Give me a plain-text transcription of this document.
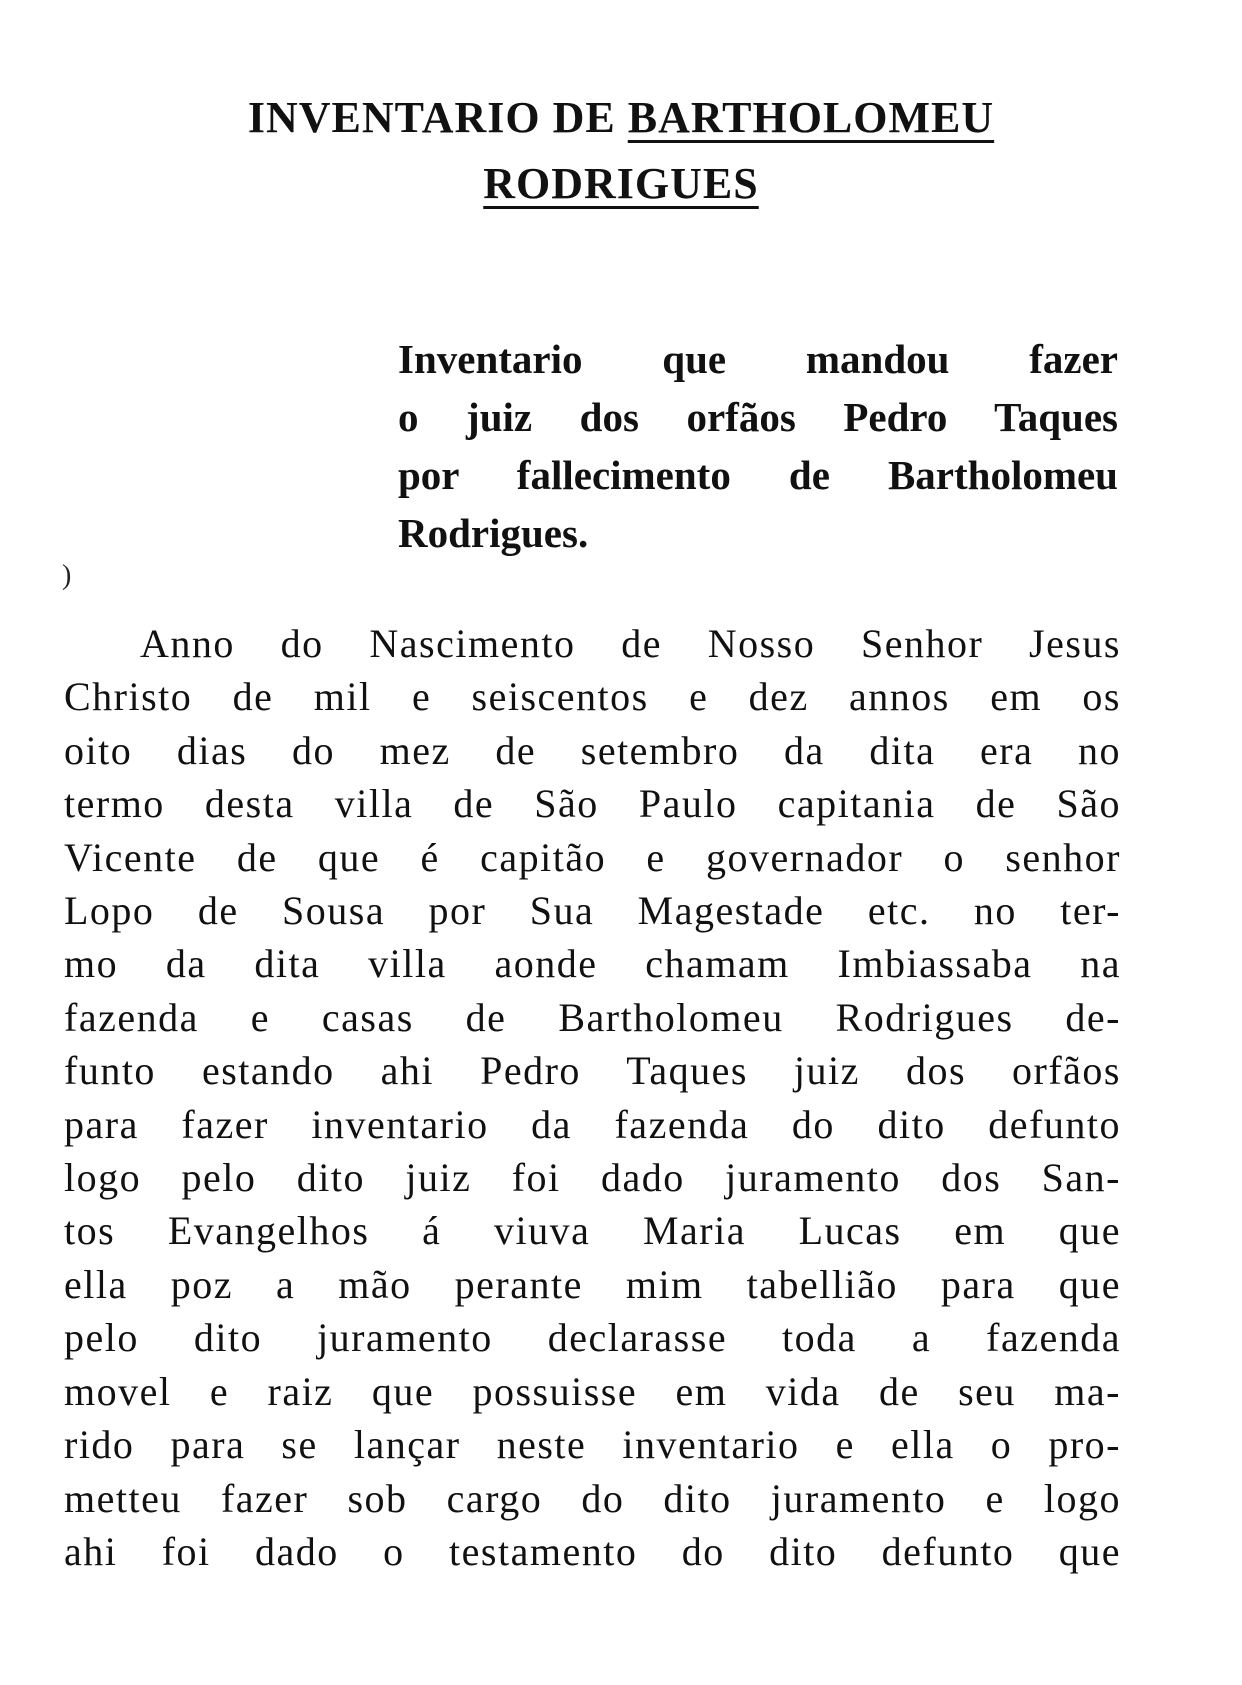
INVENTARIO DE BARTHOLOMEU
RODRIGUES

Inventario que mandou fazer
o juiz dos orfãos Pedro Taques
por fallecimento de Bartholomeu
Rodrigues.

)

Anno do Nascimento de Nosso Senhor Jesus
Christo de mil e seiscentos e dez annos em os
oito dias do mez de setembro da dita era no
termo desta villa de São Paulo capitania de São
Vicente de que é capitão e governador o senhor
Lopo de Sousa por Sua Magestade etc. no ter-
mo da dita villa aonde chamam Imbiassaba na
fazenda e casas de Bartholomeu Rodrigues de-
funto estando ahi Pedro Taques juiz dos orfãos
para fazer inventario da fazenda do dito defunto
logo pelo dito juiz foi dado juramento dos San-
tos Evangelhos á viuva Maria Lucas em que
ella poz a mão perante mim tabellião para que
pelo dito juramento declarasse toda a fazenda
movel e raiz que possuisse em vida de seu ma-
rido para se lançar neste inventario e ella o pro-
metteu fazer sob cargo do dito juramento e logo
ahi foi dado o testamento do dito defunto que
